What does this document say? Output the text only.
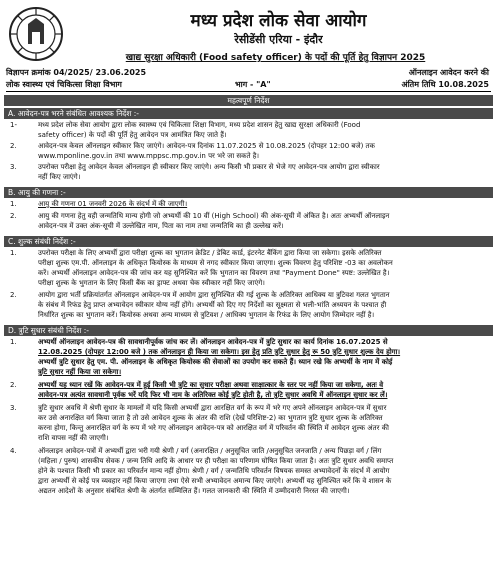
मध्य प्रदेश लोक सेवा आयोग
रेसीडेंसी एरिया - इंदौर
खाद्य सुरक्षा अधिकारी (Food safety officer) के पदों की पूर्ति हेतु विज्ञापन 2025
विज्ञापन क्रमांक 04/2025/ 23.06.2025	ऑनलाइन आवेदन करने की
लोक स्वास्थ्य एवं चिकित्सा शिक्षा विभाग	भाग - "A"	अंतिम तिथि 10.08.2025
महत्वपूर्ण निर्देश
A. आवेदन-पत्र भरने संबंधित आवश्यक निर्देश :-
1-	मध्य प्रदेश लोक सेवा आयोग द्वारा लोक स्वास्थ्य एवं चिकित्सा शिक्षा विभाग, मध्य प्रदेश शासन हेतु खाद्य सुरक्षा अधिकारी (Food
safety officer) के पदों की पूर्ति हेतु आवेदन पत्र आमंत्रित किए जाते हैं।
2.	आवेदन-पत्र केवल ऑनलाइन स्वीकार किए जाएंगे। आवेदन-पत्र दिनांक 11.07.2025 से 10.08.2025 (दोपहर 12:00 बजे) तक
www.mponline.gov.in तथा www.mppsc.mp.gov.in पर भरे जा सकते है।
3.	उपरोक्त परीक्षा हेतु आवेदन केवल ऑनलाइन ही स्वीकार किए जाएंगे। अन्य किसी भी प्रकार से भेजे गए आवेदन-पत्र आयोग द्वारा स्वीकार
नहीं किए जाएंगे।
B. आयु की गणना :-
1.	आयु की गणना 01 जनवरी 2026 के संदर्भ में की जाएगी।
2.	आयु की गणना हेतु वही जन्मतिथि मान्य होगी जो अभ्यर्थी की 10 वीं (High School) की अंक-सूची में अंकित है। अतः अभ्यर्थी ऑनलाइन
आवेदन-पत्र में उक्त अंक-सूची में उल्लेखित नाम, पिता का नाम तथा जन्मतिथि का ही उल्लेख करें।
C. शुल्क संबंधी निर्देश :-
1.	उपरोक्त परीक्षा के लिए अभ्यर्थी द्वारा परीक्षा शुल्क का भुगतान क्रेडिट / डेबिट कार्ड, इंटरनेट बैंकिंग द्वारा किया जा सकेगा। इसके अतिरिक्त
परीक्षा शुल्क एम.पी. ऑनलाइन के अधिकृत कियोस्क के माध्यम से नगद स्वीकार किया जाएगा। शुल्क विवरण हेतु परिशिष्ट -03 का अवलोकन
करें। अभ्यर्थी ऑनलाइन आवेदन-पत्र की जांच कर यह सुनिश्चित करें कि भुगतान का विवरण तथा "Payment Done" स्पष्ट: उल्लेखित है।
परीक्षा शुल्क के भुगतान के लिए किसी बैंक का ड्राफ्ट अथवा चेक स्वीकार नहीं किए जाएंगे।
2.	आयोग द्वारा भर्ती प्रक्रियांतर्गत ऑनलाइन आवेदन-पत्र में आयोग द्वारा सुनिश्चित की गई शुल्क के अतिरिक्त आधिक्य या त्रुटिवश गलत भुगतान
के संबंध में रिफंड हेतु प्राप्त अभ्यावेदन स्वीकार योग्य नहीं होंगे। अभ्यर्थी को दिए गए निर्देशों का सूक्ष्मता से भली-भांति अध्ययन के पश्चात ही
निर्धारित शुल्क का भुगतान करें। कियोस्क अथवा अन्य माध्यम से त्रुटिवश / आधिक्य भुगतान के रिफंड के लिए आयोग जिम्मेदार नहीं है।
D. त्रुटि सुधार संबंधी निर्देश :-
1.	अभ्यर्थी ऑनलाइन आवेदन-पत्र की सावधानीपूर्वक जांच कर लें। ऑनलाइन आवेदन-पत्र में त्रुटि सुधार का कार्य दिनांक 16.07.2025 से
12.08.2025 (दोपहर 12:00 बजे ) तक ऑनलाइन ही किया जा सकेगा। इस हेतु प्रति त्रुटि सुधार हेतु रू 50 त्रुटि सुधार शुल्क देय होगा।
अभ्यर्थी त्रुटि सुधार हेतु एम. पी. ऑनलाइन के अधिकृत कियोस्क की सेवाओं का उपयोग कर सकते हैं। ध्यान रखे कि अभ्यर्थी के नाम में कोई
त्रुटि सुधार नहीं किया जा सकेगा।
2.	अभ्यर्थी यह ध्यान रखें कि आवेदन-पत्र में हुई किसी भी त्रुटि का सुधार परीक्षा अथवा साक्षात्कार के स्तर पर नहीं किया जा सकेगा, अतः वे
आवेदन-पत्र अत्यंत सावधानी पूर्वक भरें यदि फिर भी नाम के अतिरिक्त कोई त्रुटि होती है, तो त्रुटि सुधार अवधि में ऑनलाइन सुधार कर लें।
3.	त्रुटि सुधार अवधि में श्रेणी सुधार के मामलों में यदि किसी अभ्यर्थी द्वारा आरक्षित वर्ग के रूप में भरे गए अपने ऑनलाइन आवेदन-पत्र में सुधार
कर उसे अनारक्षित वर्ग किया जाता है तो उसे आवेदन शुल्क के अंतर की राशि (देखें परिशिष्ट-2) का भुगतान त्रुटि सुधार शुल्क के अतिरिक्त
करना होगा, किन्तु अनारक्षित वर्ग के रूप में भरे गए ऑनलाइन आवेदन-पत्र को आरक्षित वर्ग में परिवर्तन की स्थिति में आवेदन शुल्क अंतर की
राशि वापस नहीं की जाएगी।
4.	ऑनलाइन आवेदन-पत्रों में अभ्यर्थी द्वारा भरी गयी श्रेणी / वर्ग (अनारक्षित / अनुसूचित जाति /अनुसूचित जनजाति / अन्य पिछड़ा वर्ग / लिंग
(महिला / पुरुष) शासकीय सेवक / जन्म तिथि आदि के आधार पर ही परीक्षा का परिणाम घोषित किया जाता है। अतः त्रुटि सुधार अवधि समाप्त
होने के पश्चात किसी भी प्रकार का परिवर्तन मान्य नहीं होगा। श्रेणी / वर्ग / जन्मतिथि परिवर्तन विषयक समस्त अभ्यावेदनों के संदर्भ में आयोग
द्वारा अभ्यर्थी से कोई पत्र व्यवहार नहीं किया जाएगा तथा ऐसे सभी अभ्यावेदन अमान्य किए जाएंगे। अभ्यर्थी यह सुनिश्चित करें कि वे शासन के
अद्यतन आदेशों के अनुसार संबंधित श्रेणी के अंतर्गत सम्मिलित हैं। गलत जानकारी की स्थिति में उम्मीदवारी निरस्त की जाएगी।
